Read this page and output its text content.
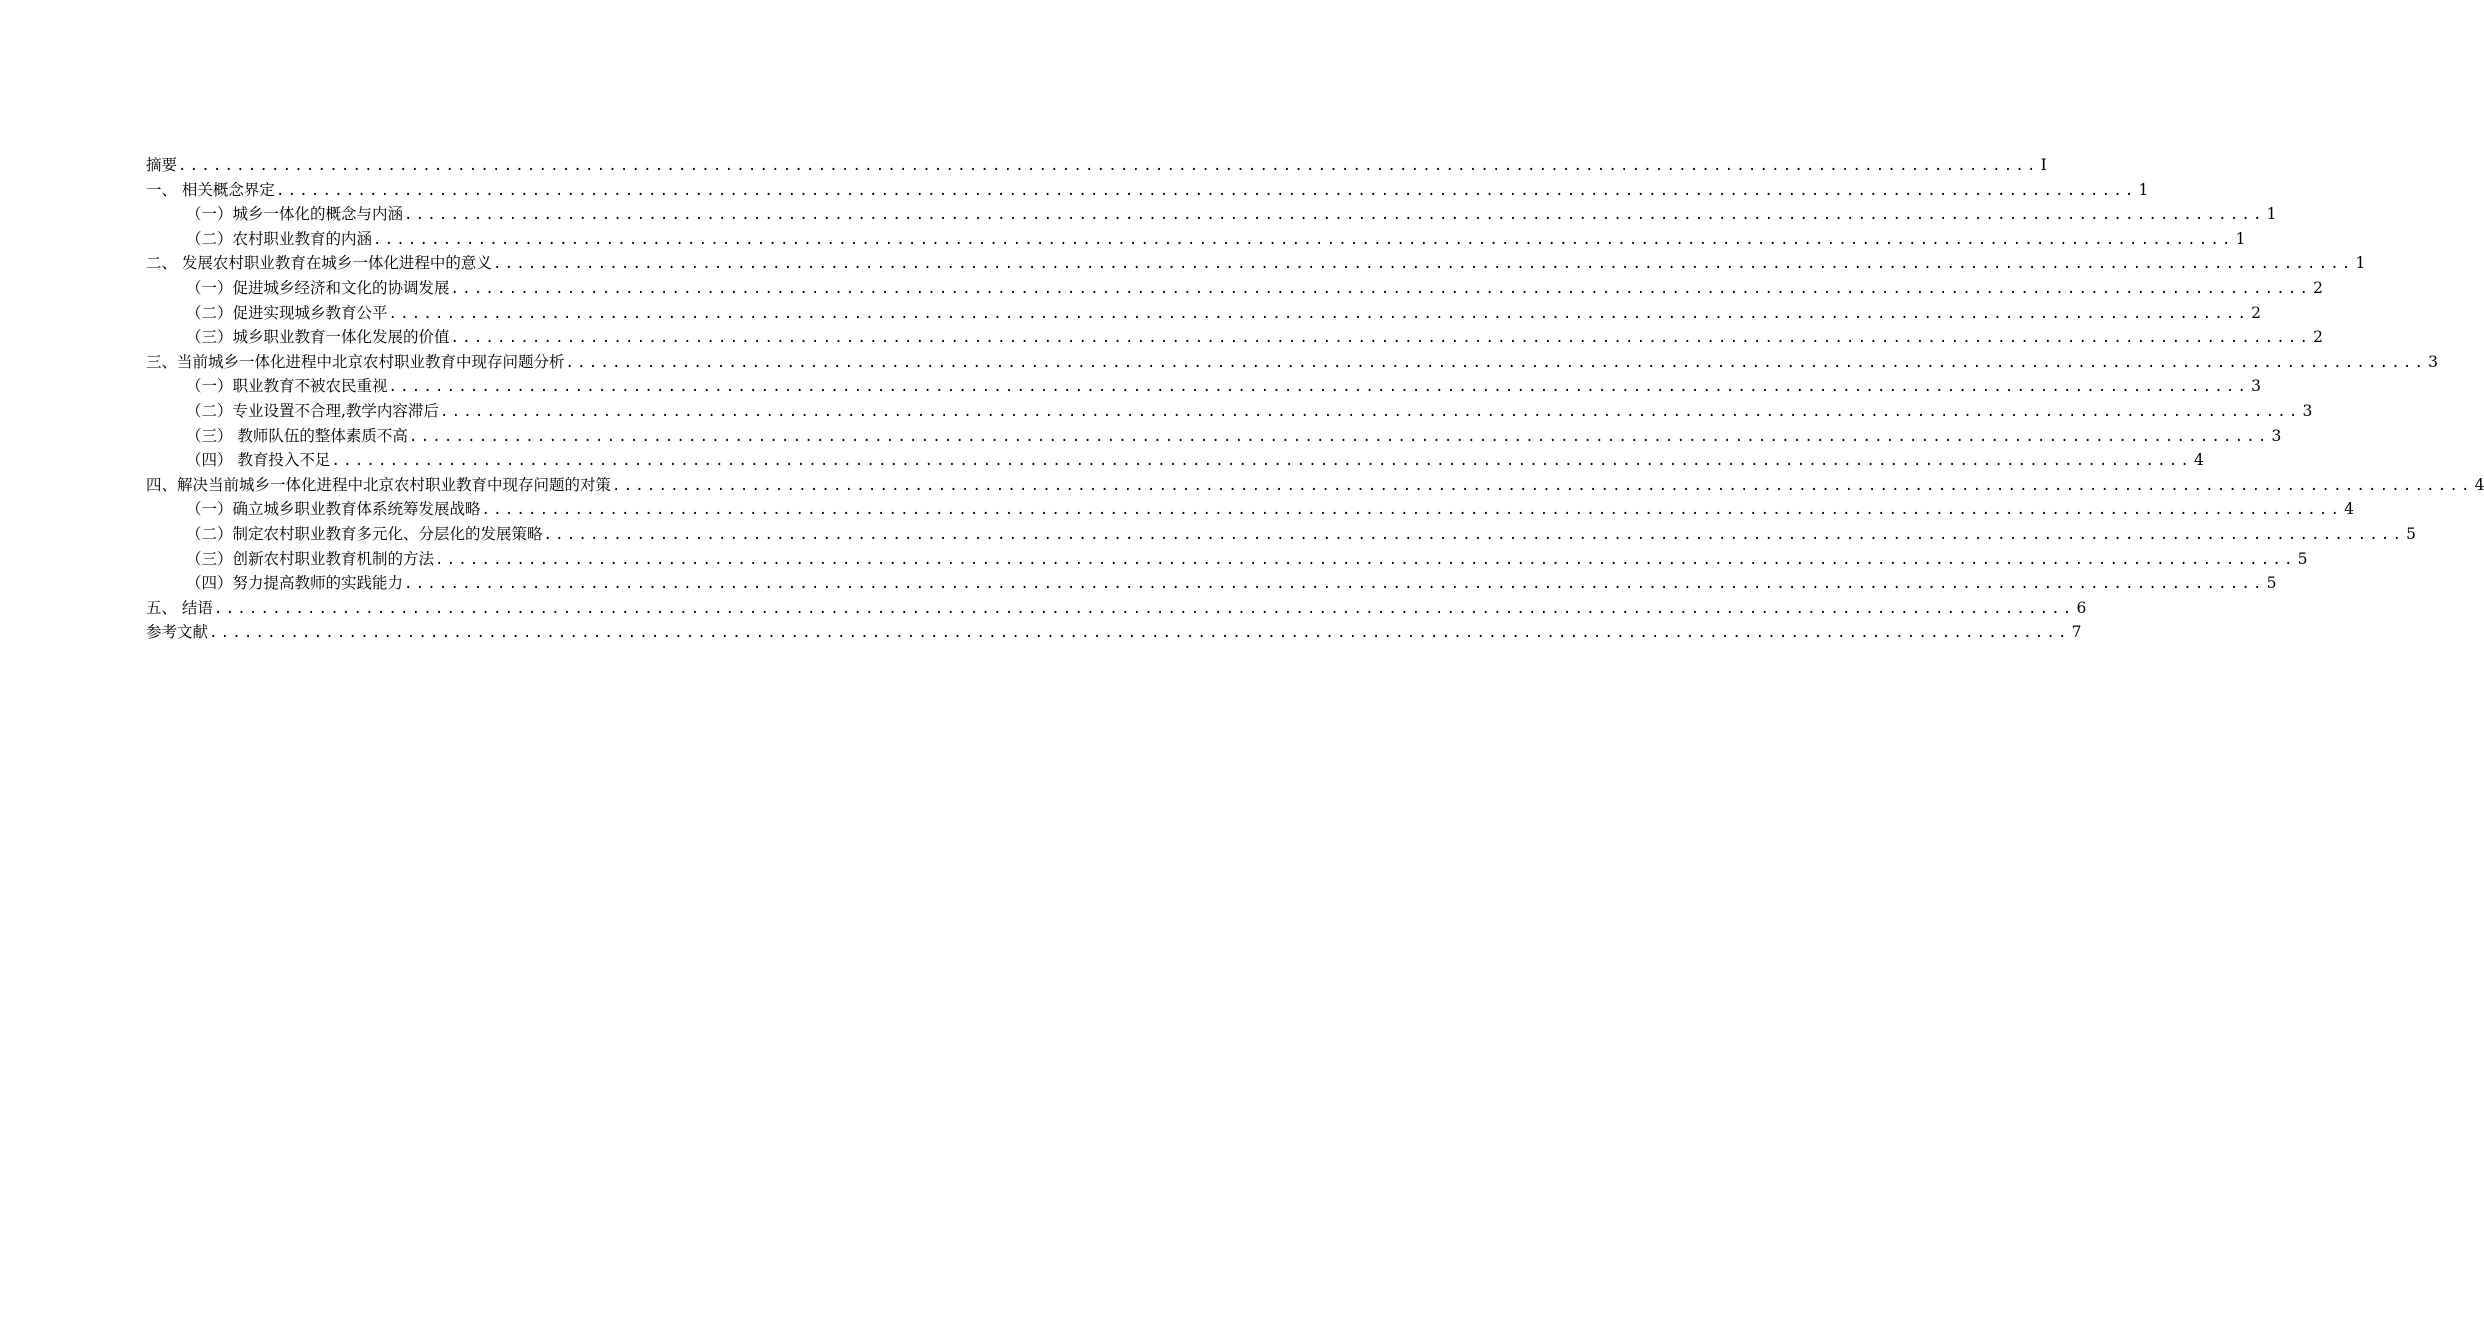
摘要 ................................................................................................................................................................ I
一、 相关概念界定 ................................................................................................................................................................ 1
（一）城乡一体化的概念与内涵 ................................................................................................................................................................ 1
（二）农村职业教育的内涵 ................................................................................................................................................................ 1
二、 发展农村职业教育在城乡一体化进程中的意义 ................................................................................................................................................................ 1
（一）促进城乡经济和文化的协调发展 ................................................................................................................................................................ 2
（二）促进实现城乡教育公平 ................................................................................................................................................................ 2
（三）城乡职业教育一体化发展的价值 ................................................................................................................................................................ 2
三、当前城乡一体化进程中北京农村职业教育中现存问题分析 ................................................................................................................................................................ 3
（一）职业教育不被农民重视 ................................................................................................................................................................ 3
（二）专业设置不合理,教学内容滞后 ................................................................................................................................................................ 3
（三） 教师队伍的整体素质不高 ................................................................................................................................................................ 3
（四） 教育投入不足 ................................................................................................................................................................ 4
四、解决当前城乡一体化进程中北京农村职业教育中现存问题的对策 ................................................................................................................................................................ 4
（一）确立城乡职业教育体系统筹发展战略 ................................................................................................................................................................ 4
（二）制定农村职业教育多元化、分层化的发展策略 ................................................................................................................................................................ 5
（三）创新农村职业教育机制的方法 ................................................................................................................................................................ 5
（四）努力提高教师的实践能力 ................................................................................................................................................................ 5
五、 结语 ................................................................................................................................................................ 6
参考文献 ................................................................................................................................................................ 7
